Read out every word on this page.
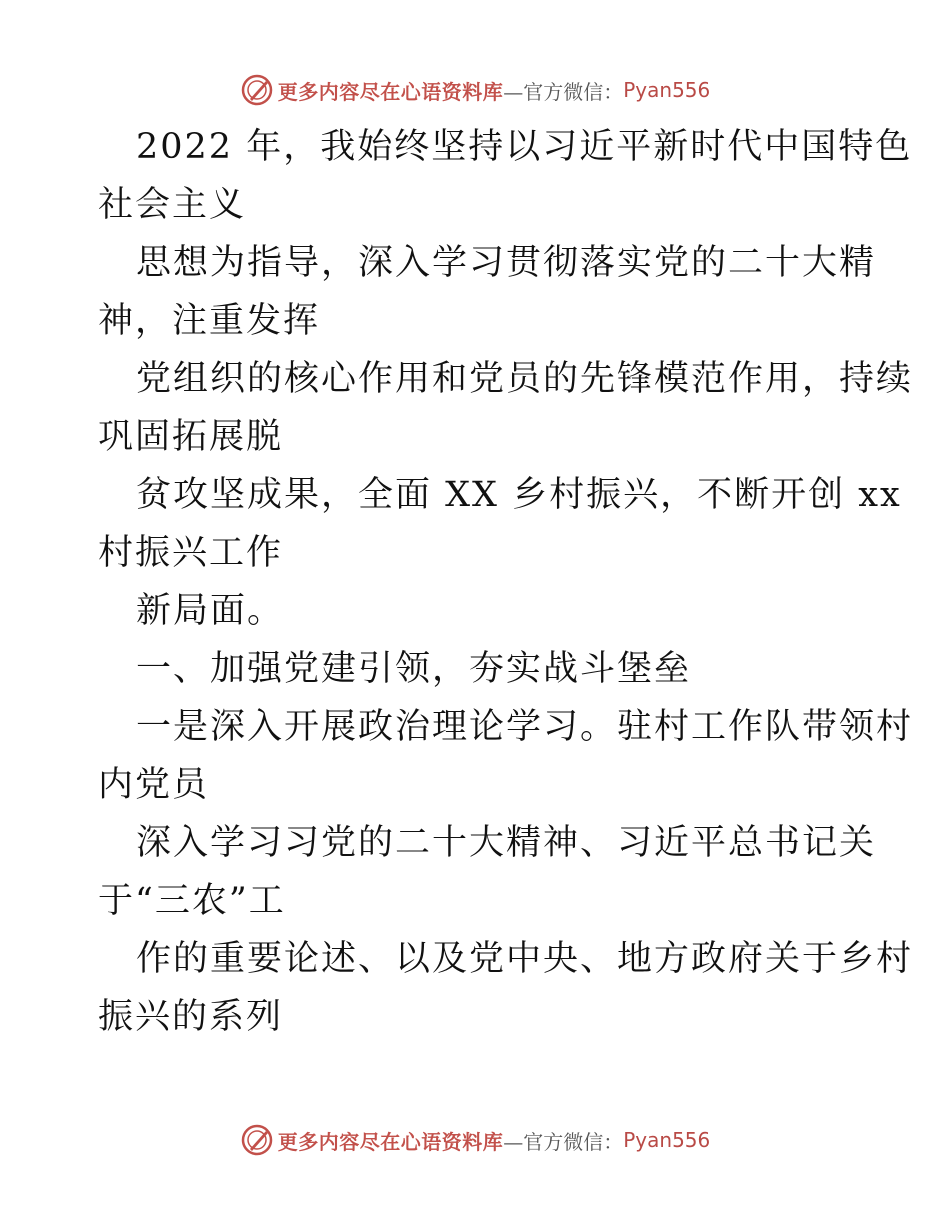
更多内容尽在心语资料库 —官方微信： Pyan556
2022 年，我始终坚持以习近平新时代中国特色
社会主义
思想为指导，深入学习贯彻落实党的二十大精
神，注重发挥
党组织的核心作用和党员的先锋模范作用，持续
巩固拓展脱
贫攻坚成果，全面 XX 乡村振兴，不断开创 xx
村振兴工作
新局面。
一、加强党建引领，夯实战斗堡垒
一是深入开展政治理论学习。驻村工作队带领村
内党员
深入学习习党的二十大精神、习近平总书记关
于“三农”工
作的重要论述、以及党中央、地方政府关于乡村
振兴的系列
更多内容尽在心语资料库 —官方微信： Pyan556
